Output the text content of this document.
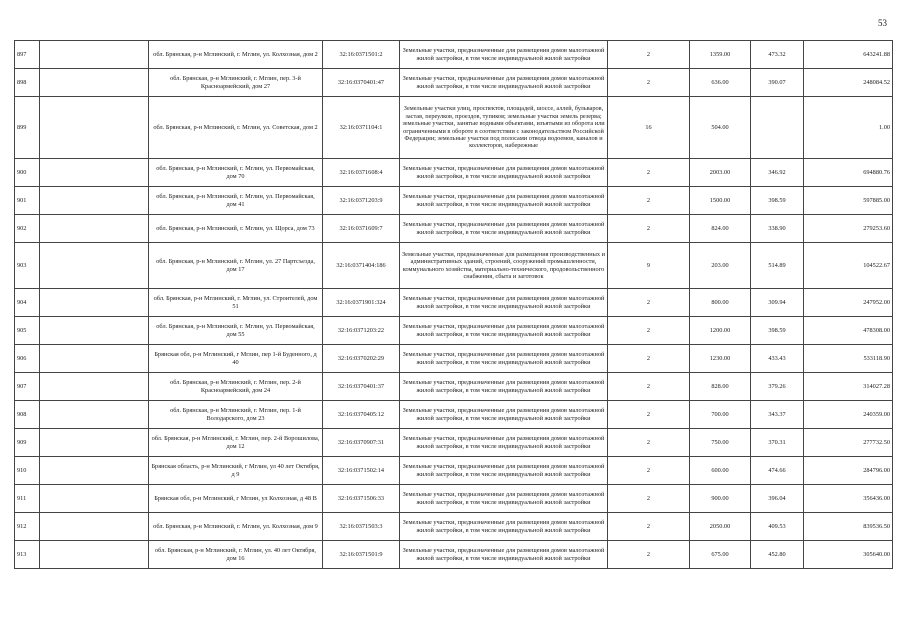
53
897		обл. Брянская, р-н Мглинский, г. Мглин, ул. Колхозная, дом 2	32:16:0371501:2	Земельные участки, предназначенные для размещения домов малоэтажной жилой застройки, в том числе индивидуальной жилой застройки	2	1359.00	473.32	643241.88
898		обл. Брянская, р-н Мглинский, г. Мглин, пер. 3-й Красноармейский, дом 27	32:16:0370401:47	Земельные участки, предназначенные для размещения домов малоэтажной жилой застройки, в том числе индивидуальной жилой застройки	2	636.00	390.07	248084.52
899		обл. Брянская, р-н Мглинский, г. Мглин, ул. Советская, дом 2	32:16:0371104:1	Земельные участки улиц, проспектов, площадей, шоссе, аллей, бульваров, застав, переулков, проездов, тупиков; земельные участки земель резерва; земельные участки, занятые водными объектами, изъятыми из оборота или ограниченными в обороте в соответствии с законодательством Российской Федерации; земельные участки под полосами отвода водоемов, каналов и коллекторов, набережные	16	504.00		1.00
900		обл. Брянская, р-н Мглинский, г. Мглин, ул. Первомайская, дом 70	32:16:0371608:4	Земельные участки, предназначенные для размещения домов малоэтажной жилой застройки, в том числе индивидуальной жилой застройки	2	2003.00	346.92	694880.76
901		обл. Брянская, р-н Мглинский, г. Мглин, ул. Первомайская, дом 41	32:16:0371203:9	Земельные участки, предназначенные для размещения домов малоэтажной жилой застройки, в том числе индивидуальной жилой застройки	2	1500.00	398.59	597885.00
902		обл. Брянская, р-н Мглинский, г. Мглин, ул. Щорса, дом 73	32:16:0371609:7	Земельные участки, предназначенные для размещения домов малоэтажной жилой застройки, в том числе индивидуальной жилой застройки	2	824.00	338.90	279253.60
903		обл. Брянская, р-н Мглинский, г. Мглин, ул. 27 Партсъезда, дом 17	32:16:0371404:186	Земельные участки, предназначенные для размещения производственных и административных зданий, строений, сооружений промышленности, коммунального хозяйства, материально-технического, продовольственного снабжения, сбыта и заготовок	9	203.00	514.89	104522.67
904		обл. Брянская, р-н Мглинский, г. Мглин, ул. Строителей, дом 51	32:16:0371901:324	Земельные участки, предназначенные для размещения домов малоэтажной жилой застройки, в том числе индивидуальной жилой застройки	2	800.00	309.94	247952.00
905		обл. Брянская, р-н Мглинский, г. Мглин, ул. Первомайская, дом 55	32:16:0371203:22	Земельные участки, предназначенные для размещения домов малоэтажной жилой застройки, в том числе индивидуальной жилой застройки	2	1200.00	398.59	478308.00
906		Брянская обл, р-н Мглинский, г Мглин, пер 1-й Буденного, д 40	32:16:0370202:29	Земельные участки, предназначенные для размещения домов малоэтажной жилой застройки, в том числе индивидуальной жилой застройки	2	1230.00	433.43	533118.90
907		обл. Брянская, р-н Мглинский, г. Мглин, пер. 2-й Красноармейский, дом 24	32:16:0370401:37	Земельные участки, предназначенные для размещения домов малоэтажной жилой застройки, в том числе индивидуальной жилой застройки	2	828.00	379.26	314027.28
908		обл. Брянская, р-н Мглинский, г. Мглин, пер. 1-й Володарского, дом 23	32:16:0370405:12	Земельные участки, предназначенные для размещения домов малоэтажной жилой застройки, в том числе индивидуальной жилой застройки	2	700.00	343.37	240359.00
909		обл. Брянская, р-н Мглинский, г. Мглин, пер. 2-й Ворошилова, дом 12	32:16:0370907:31	Земельные участки, предназначенные для размещения домов малоэтажной жилой застройки, в том числе индивидуальной жилой застройки	2	750.00	370.31	277732.50
910		Брянская область, р-н Мглинский, г Мглин, ул 40 лет Октября, д 9	32:16:0371502:14	Земельные участки, предназначенные для размещения домов малоэтажной жилой застройки, в том числе индивидуальной жилой застройки	2	600.00	474.66	284796.00
911		Брянская обл, р-н Мглинский, г Мглин, ул Колхозная, д 48 В	32:16:0371506:33	Земельные участки, предназначенные для размещения домов малоэтажной жилой застройки, в том числе индивидуальной жилой застройки	2	900.00	396.04	356436.00
912		обл. Брянская, р-н Мглинский, г. Мглин, ул. Колхозная, дом 9	32:16:0371503:3	Земельные участки, предназначенные для размещения домов малоэтажной жилой застройки, в том числе индивидуальной жилой застройки	2	2050.00	409.53	839536.50
913		обл. Брянская, р-н Мглинский, г. Мглин, ул. 40 лет Октября, дом 16	32:16:0371501:9	Земельные участки, предназначенные для размещения домов малоэтажной жилой застройки, в том числе индивидуальной жилой застройки	2	675.00	452.80	305640.00
